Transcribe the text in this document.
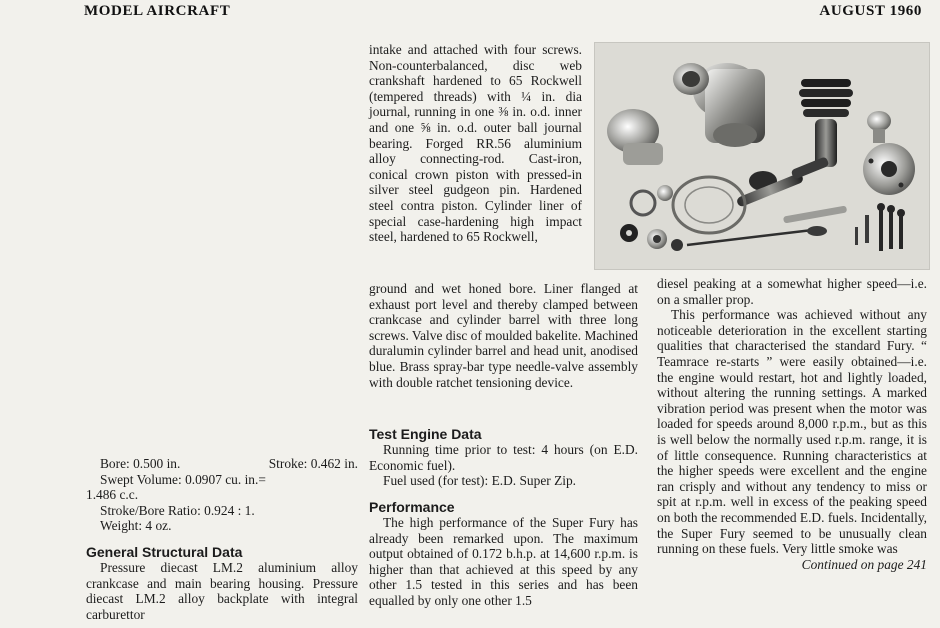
MODEL AIRCRAFT	AUGUST 1960
Bore: 0.500 in.	Stroke: 0.462 in.
Swept Volume: 0.0907 cu. in.=
1.486 c.c.
Stroke/Bore Ratio: 0.924 : 1.
Weight: 4 oz.
General Structural Data

Pressure diecast LM.2 aluminium alloy crankcase and main bearing housing. Pressure diecast LM.2 alloy backplate with integral carburettor

intake and attached with four screws. Non-counterbalanced, disc web crankshaft hardened to 65 Rockwell (tempered threads) with ¼ in. dia journal, running in one ⅜ in. o.d. inner and one ⅝ in. o.d. outer ball journal bearing. Forged RR.56 aluminium alloy connecting-rod. Cast-iron, conical crown piston with pressed-in silver steel gudgeon pin. Hardened steel contra piston. Cylinder liner of special case-hardening high impact steel, hardened to 65 Rockwell,
ground and wet honed bore. Liner flanged at exhaust port level and thereby clamped between crankcase and cylinder barrel with three long screws. Valve disc of moulded bakelite. Machined duralumin cylinder barrel and head unit, anodised blue. Brass spray-bar type needle-valve assembly with double ratchet tensioning device.
Test Engine Data

Running time prior to test: 4 hours (on E.D. Economic fuel).

Fuel used (for test): E.D. Super Zip.

Performance

The high performance of the Super Fury has already been remarked upon. The maximum output obtained of 0.172 b.h.p. at 14,600 r.p.m. is higher than that achieved at this speed by any other 1.5 tested in this series and has been equalled by only one other 1.5

diesel peaking at a somewhat higher speed—i.e. on a smaller prop.

This performance was achieved without any noticeable deterioration in the excellent starting qualities that characterised the standard Fury. “ Teamrace re-starts ” were easily obtained—i.e. the engine would restart, hot and lightly loaded, without altering the running settings. A marked vibration period was present when the motor was loaded for speeds around 8,000 r.p.m., but as this is well below the normally used r.p.m. range, it is of little consequence. Running characteristics at the higher speeds were excellent and the engine ran crisply and without any tendency to miss or spit at r.p.m. well in excess of the peaking speed on both the recommended E.D. fuels. Incidentally, the Super Fury seemed to be unusually clean running on these fuels. Very little smoke was

Continued on page 241
